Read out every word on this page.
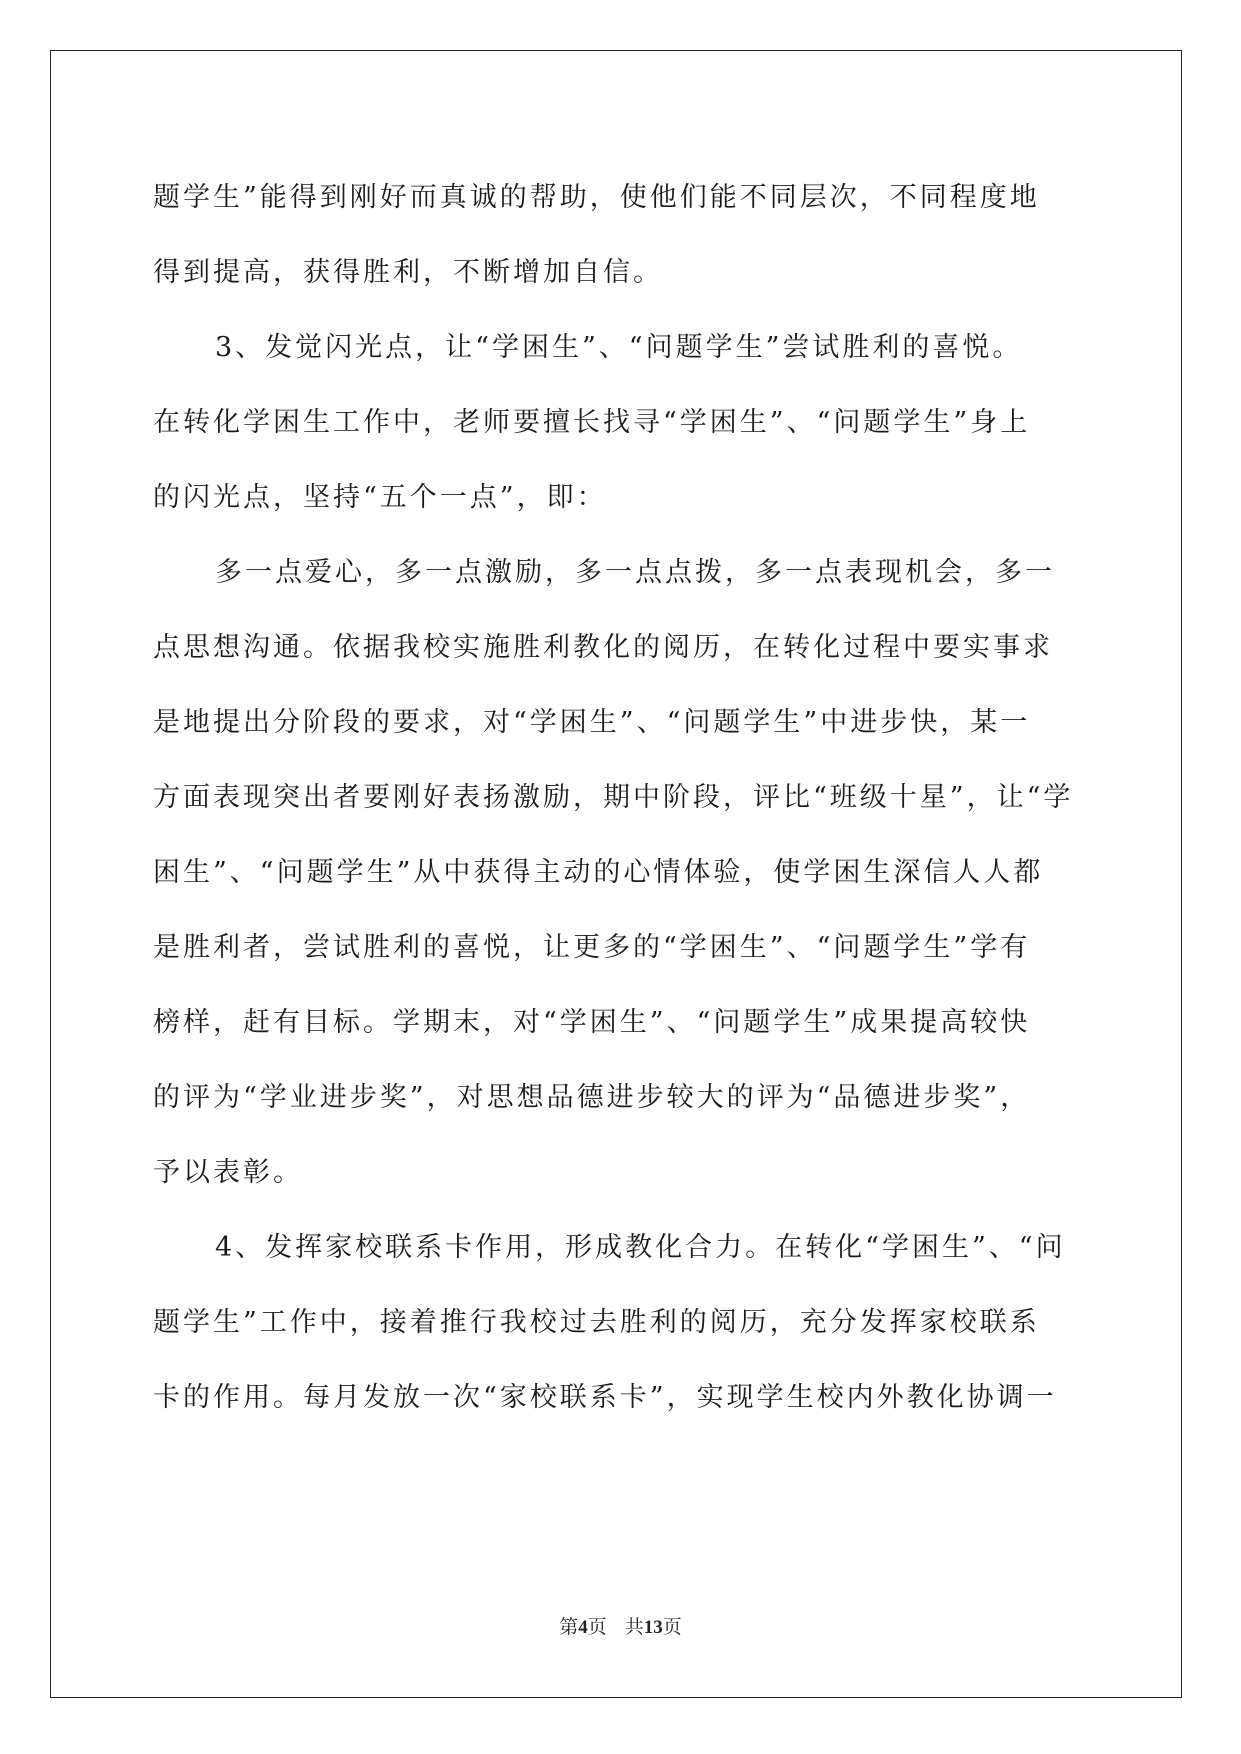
题学生”能得到刚好而真诚的帮助，使他们能不同层次，不同程度地
得到提高，获得胜利，不断增加自信。
3、发觉闪光点，让“学困生”、“问题学生”尝试胜利的喜悦。
在转化学困生工作中，老师要擅长找寻“学困生”、“问题学生”身上
的闪光点，坚持“五个一点”，即：
多一点爱心，多一点激励，多一点点拨，多一点表现机会，多一
点思想沟通。依据我校实施胜利教化的阅历，在转化过程中要实事求
是地提出分阶段的要求，对“学困生”、“问题学生”中进步快，某一
方面表现突出者要刚好表扬激励，期中阶段，评比“班级十星”，让“学
困生”、“问题学生”从中获得主动的心情体验，使学困生深信人人都
是胜利者，尝试胜利的喜悦，让更多的“学困生”、“问题学生”学有
榜样，赶有目标。学期末，对“学困生”、“问题学生”成果提高较快
的评为“学业进步奖”，对思想品德进步较大的评为“品德进步奖”，
予以表彰。
4、发挥家校联系卡作用，形成教化合力。在转化“学困生”、“问
题学生”工作中，接着推行我校过去胜利的阅历，充分发挥家校联系
卡的作用。每月发放一次“家校联系卡”，实现学生校内外教化协调一
第4页 共13页
